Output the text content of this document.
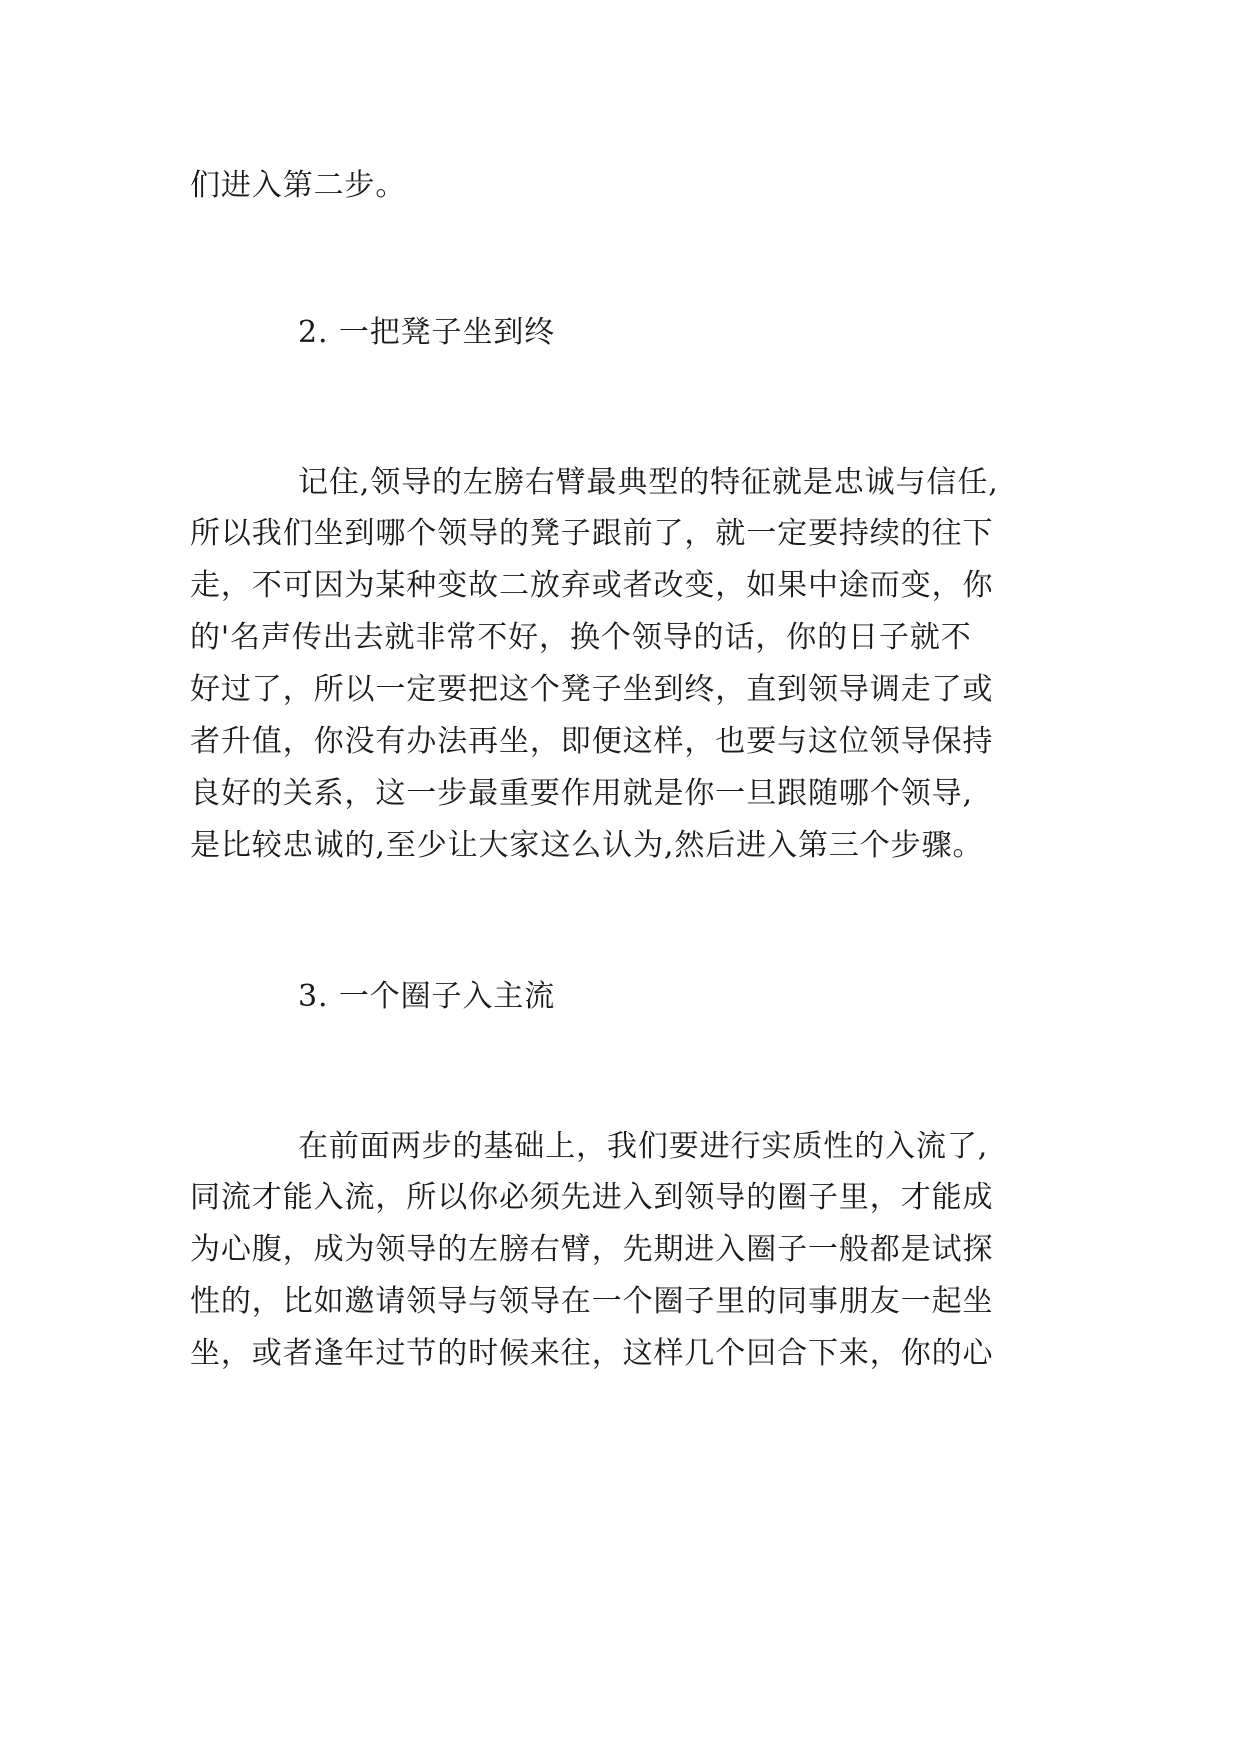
们进入第二步。
2. 一把凳子坐到终
记住,领导的左膀右臂最典型的特征就是忠诚与信任,
所以我们坐到哪个领导的凳子跟前了，就一定要持续的往下
走，不可因为某种变故二放弃或者改变，如果中途而变，你
的'名声传出去就非常不好，换个领导的话，你的日子就不
好过了，所以一定要把这个凳子坐到终，直到领导调走了或
者升值，你没有办法再坐，即便这样，也要与这位领导保持
良好的关系，这一步最重要作用就是你一旦跟随哪个领导,
是比较忠诚的,至少让大家这么认为,然后进入第三个步骤。
3. 一个圈子入主流
在前面两步的基础上，我们要进行实质性的入流了,
同流才能入流，所以你必须先进入到领导的圈子里，才能成
为心腹，成为领导的左膀右臂，先期进入圈子一般都是试探
性的，比如邀请领导与领导在一个圈子里的同事朋友一起坐
坐，或者逢年过节的时候来往，这样几个回合下来，你的心
